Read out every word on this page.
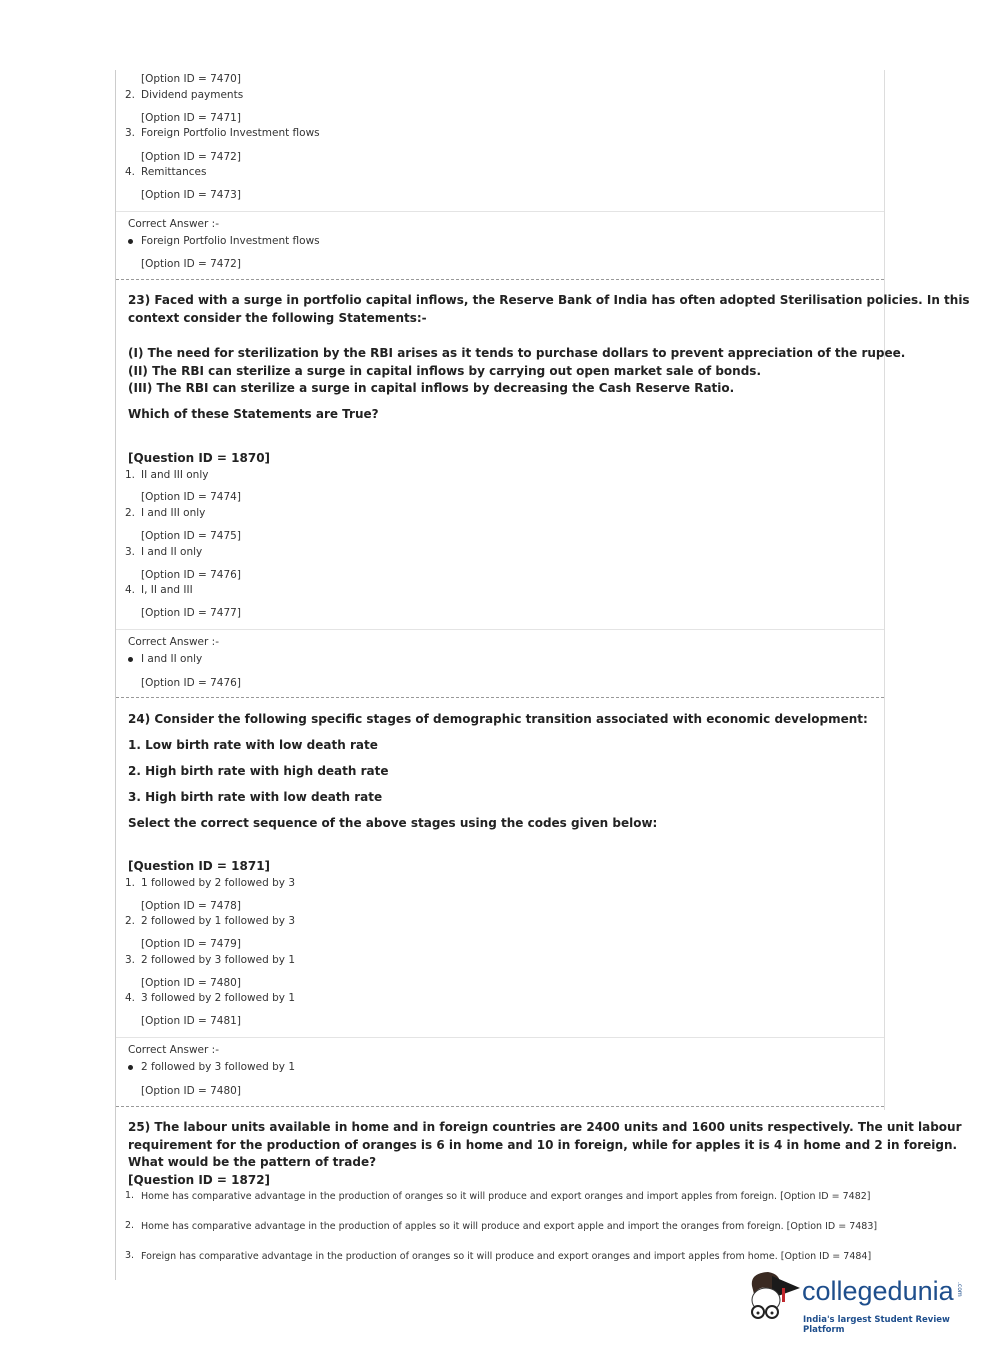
[Option ID = 7470]
2. Dividend payments
[Option ID = 7471]
3. Foreign Portfolio Investment flows
[Option ID = 7472]
4. Remittances
[Option ID = 7473]
Correct Answer :-
Foreign Portfolio Investment flows
[Option ID = 7472]
23) Faced with a surge in portfolio capital inflows, the Reserve Bank of India has often adopted Sterilisation policies. In this
context consider the following Statements:-
(I) The need for sterilization by the RBI arises as it tends to purchase dollars to prevent appreciation of the rupee.
(II) The RBI can sterilize a surge in capital inflows by carrying out open market sale of bonds.
(III) The RBI can sterilize a surge in capital inflows by decreasing the Cash Reserve Ratio.
Which of these Statements are True?
[Question ID = 1870]
1. II and III only
[Option ID = 7474]
2. I and III only
[Option ID = 7475]
3. I and II only
[Option ID = 7476]
4. I, II and III
[Option ID = 7477]
Correct Answer :-
I and II only
[Option ID = 7476]
24) Consider the following specific stages of demographic transition associated with economic development:
1. Low birth rate with low death rate
2. High birth rate with high death rate
3. High birth rate with low death rate
Select the correct sequence of the above stages using the codes given below:
[Question ID = 1871]
1. 1 followed by 2 followed by 3
[Option ID = 7478]
2. 2 followed by 1 followed by 3
[Option ID = 7479]
3. 2 followed by 3 followed by 1
[Option ID = 7480]
4. 3 followed by 2 followed by 1
[Option ID = 7481]
Correct Answer :-
2 followed by 3 followed by 1
[Option ID = 7480]
25) The labour units available in home and in foreign countries are 2400 units and 1600 units respectively. The unit labour
requirement for the production of oranges is 6 in home and 10 in foreign, while for apples it is 4 in home and 2 in foreign.
What would be the pattern of trade?
[Question ID = 1872]
1. Home has comparative advantage in the production of oranges so it will produce and export oranges and import apples from foreign. [Option ID = 7482]
2. Home has comparative advantage in the production of apples so it will produce and export apple and import the oranges from foreign. [Option ID = 7483]
3. Foreign has comparative advantage in the production of oranges so it will produce and export oranges and import apples from home. [Option ID = 7484]
collegedunia .com
India's largest Student Review Platform
